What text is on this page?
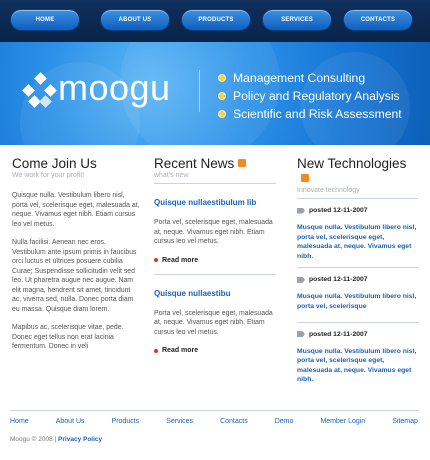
HOME	ABOUT US	PRODUCTS	SERVICES	CONTACTS
moogu	Management Consulting
Policy and Regulatory Analysis
Scientific and Risk Assessment
Come Join Us
We work for your profit!
Quisque nulla. Vestibulum libero nisl, porta vel, scelerisque eget, malesuada at, neque. Vivamus eget nibh. Etiam cursus leo vel metus.
Nulla facilisi. Aenean nec eros. Vestibulum ante ipsum primis in faucibus orci luctus et ultrices posuere cubilia Curae; Suspendisse sollicitudin velit sed leo. Ut pharetra augue nec augue. Nam elit magna, hendrerit sit amet, tincidunt ac, viverra sed, nulla. Donec porta diam eu massa. Quisque diam lorem.
Mapibus ac, scelerisque vitae, pede. Donec eget tellus non erat lacinia fermentum. Donec in veli
Recent News
what's new
Quisque nullaestibulum lib
Porta vel, scelerisque eget, malesuada at, neque. Vivamus eget nibh. Etiam cursus leo vel metus.
Read more
Quisque nullaestibu
Porta vel, scelerisque eget, malesuada at, neque. Vivamus eget nibh. Etiam cursus leo vel metus.
Read more
New Technologies
Innovate technology
posted 12-11-2007
Musque nulla. Vestibulum libero nisl, porta vel, scelerisque eget, malesuada at, neque. Vivamus eget nibh.
posted 12-11-2007
Musque nulla. Vestibulum libero nisl, porta vel, scelerisque
posted 12-11-2007
Musque nulla. Vestibulum libero nisl, porta vel, scelerisque eget, malesuada at, neque. Vivamus eget nibh.
Home	About Us	Products	Services	Contacts	Demo	Member Login	Sitemap
Moogu © 2008 | Privacy Policy
